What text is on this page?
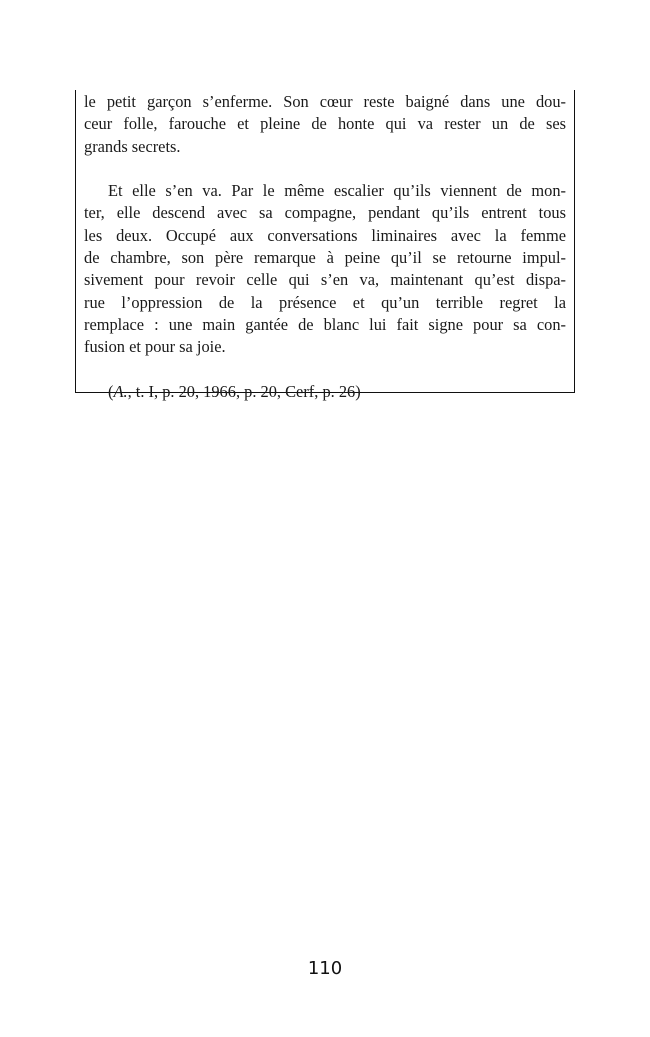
le petit garçon s’enferme. Son cœur reste baigné dans une dou-
ceur folle, farouche et pleine de honte qui va rester un de ses
grands secrets.
Et elle s’en va. Par le même escalier qu’ils viennent de mon-
ter, elle descend avec sa compagne, pendant qu’ils entrent tous
les deux. Occupé aux conversations liminaires avec la femme
de chambre, son père remarque à peine qu’il se retourne impul-
sivement pour revoir celle qui s’en va, maintenant qu’est dispa-
rue l’oppression de la présence et qu’un terrible regret la
remplace : une main gantée de blanc lui fait signe pour sa con-
fusion et pour sa joie.
(A., t. I, p. 20, 1966, p. 20, Cerf, p. 26)
110
